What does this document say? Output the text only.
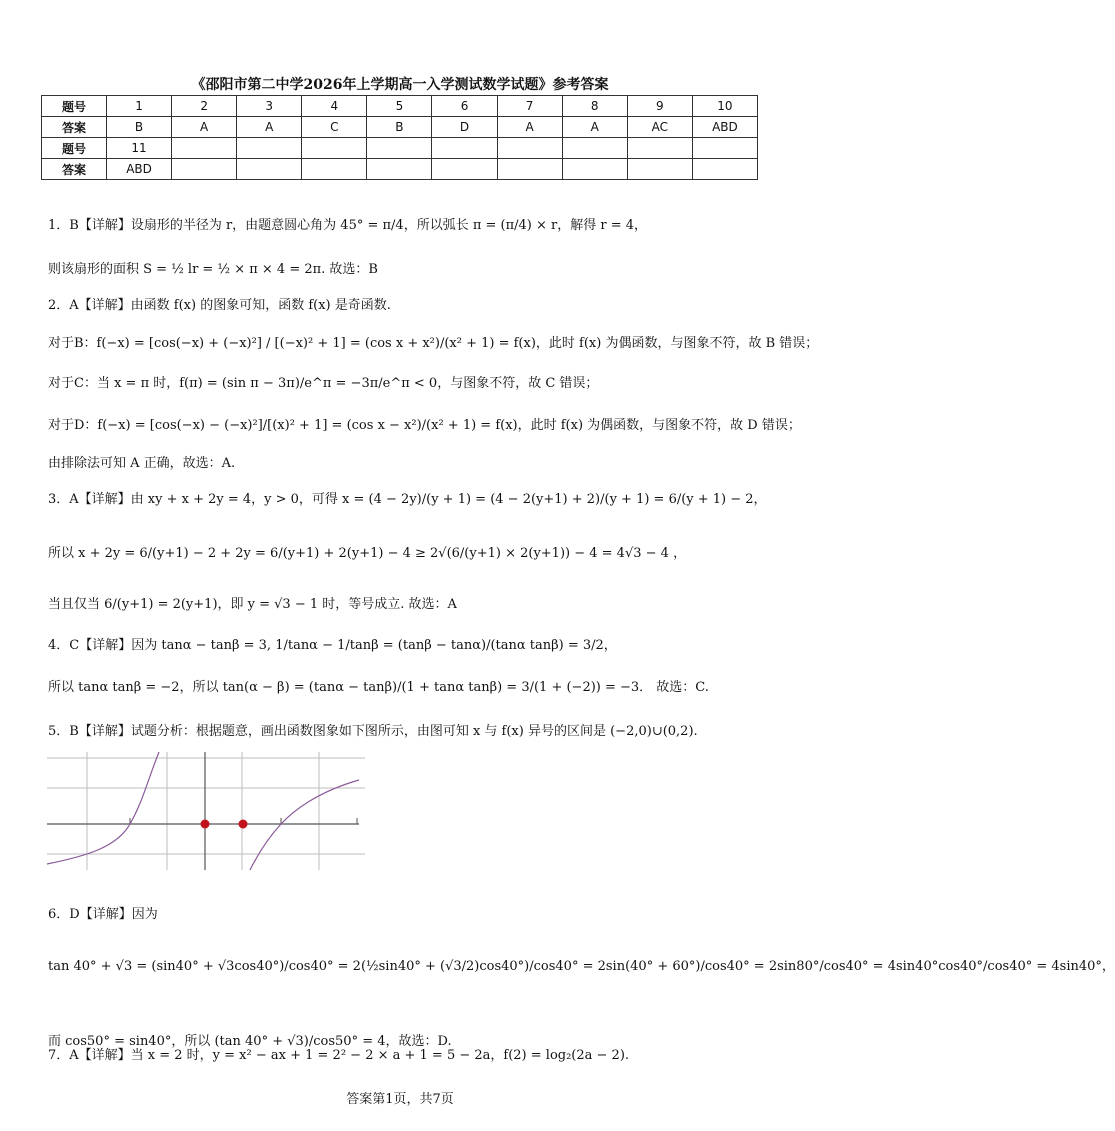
《邵阳市第二中学2026年上学期高一入学测试数学试题》参考答案
题号	1	2	3	4	5	6	7	8	9	10
答案	B	A	A	C	B	D	A	A	AC	ABD
题号	11									
答案	ABD									
1．B【详解】设扇形的半径为 r，由题意圆心角为 45° = π/4，所以弧长 π = (π/4) × r，解得 r = 4，
则该扇形的面积 S = ½ lr = ½ × π × 4 = 2π. 故选：B
2．A【详解】由函数 f(x) 的图象可知，函数 f(x) 是奇函数.
对于B：f(−x) = [cos(−x) + (−x)²] / [(−x)² + 1] = (cos x + x²)/(x² + 1) = f(x)，此时 f(x) 为偶函数，与图象不符，故 B 错误；
对于C：当 x = π 时，f(π) = (sin π − 3π)/e^π = −3π/e^π < 0，与图象不符，故 C 错误；
对于D：f(−x) = [cos(−x) − (−x)²]/[(x)² + 1] = (cos x − x²)/(x² + 1) = f(x)，此时 f(x) 为偶函数，与图象不符，故 D 错误；
由排除法可知 A 正确，故选：A.
3．A【详解】由 xy + x + 2y = 4，y > 0，可得 x = (4 − 2y)/(y + 1) = (4 − 2(y+1) + 2)/(y + 1) = 6/(y + 1) − 2，
所以 x + 2y = 6/(y+1) − 2 + 2y = 6/(y+1) + 2(y+1) − 4 ≥ 2√(6/(y+1) × 2(y+1)) − 4 = 4√3 − 4 ，
当且仅当 6/(y+1) = 2(y+1)，即 y = √3 − 1 时，等号成立. 故选：A
4．C【详解】因为 tanα − tanβ = 3, 1/tanα − 1/tanβ = (tanβ − tanα)/(tanα tanβ) = 3/2，
所以 tanα tanβ = −2，所以 tan(α − β) = (tanα − tanβ)/(1 + tanα tanβ) = 3/(1 + (−2)) = −3． 故选：C.
5．B【详解】试题分析：根据题意，画出函数图象如下图所示，由图可知 x 与 f(x) 异号的区间是 (−2,0)∪(0,2).
6．D【详解】因为
tan 40° + √3 = (sin40° + √3cos40°)/cos40° = 2(½sin40° + (√3/2)cos40°)/cos40° = 2sin(40° + 60°)/cos40° = 2sin80°/cos40° = 4sin40°cos40°/cos40° = 4sin40°，
而 cos50° = sin40°，所以 (tan 40° + √3)/cos50° = 4，故选：D.
7．A【详解】当 x = 2 时，y = x² − ax + 1 = 2² − 2 × a + 1 = 5 − 2a，f(2) = log₂(2a − 2).
答案第1页，共7页
